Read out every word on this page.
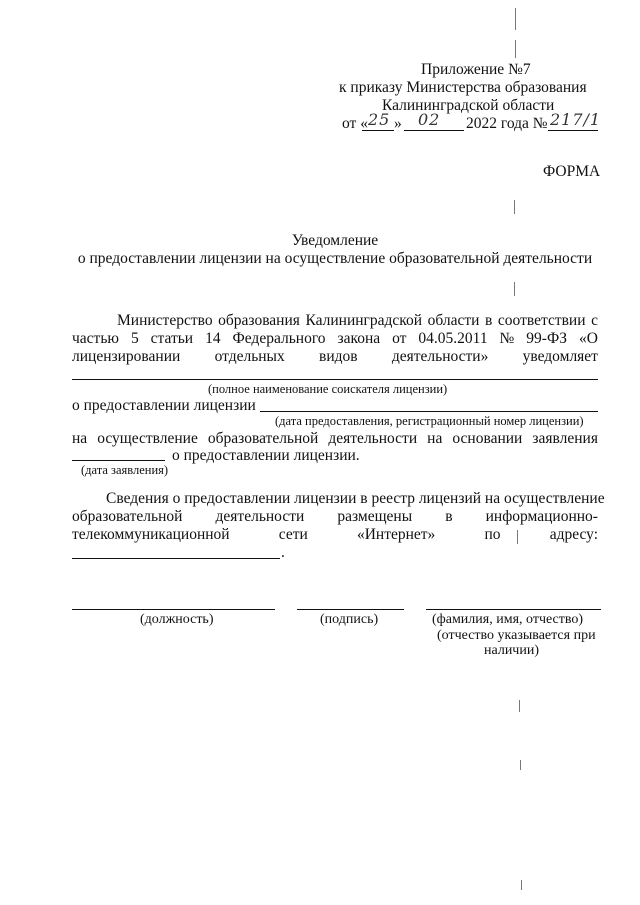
Приложение №7
к приказу Министерства образования
Калининградской области
от « 25 » 02 2022 года № 217/1
ФОРМА
Уведомление
о предоставлении лицензии на осуществление образовательной деятельности
Министерство образования Калининградской области в соответствии с
частью 5 статьи 14 Федерального закона от 04.05.2011 № 99-ФЗ «О
лицензировании отдельных видов деятельности» уведомляет
(полное наименование соискателя лицензии)
о предоставлении лицензии
(дата предоставления, регистрационный номер лицензии)
на осуществление образовательной деятельности на основании заявления
о предоставлении лицензии.
(дата заявления)
Сведения о предоставлении лицензии в реестр лицензий на осуществление
образовательной деятельности размещены в информационно-
телекоммуникационной	сети	«Интернет»	по	адресу:
.
(должность)	(подпись)	(фамилия, имя, отчество)
(отчество указывается при
наличии)
